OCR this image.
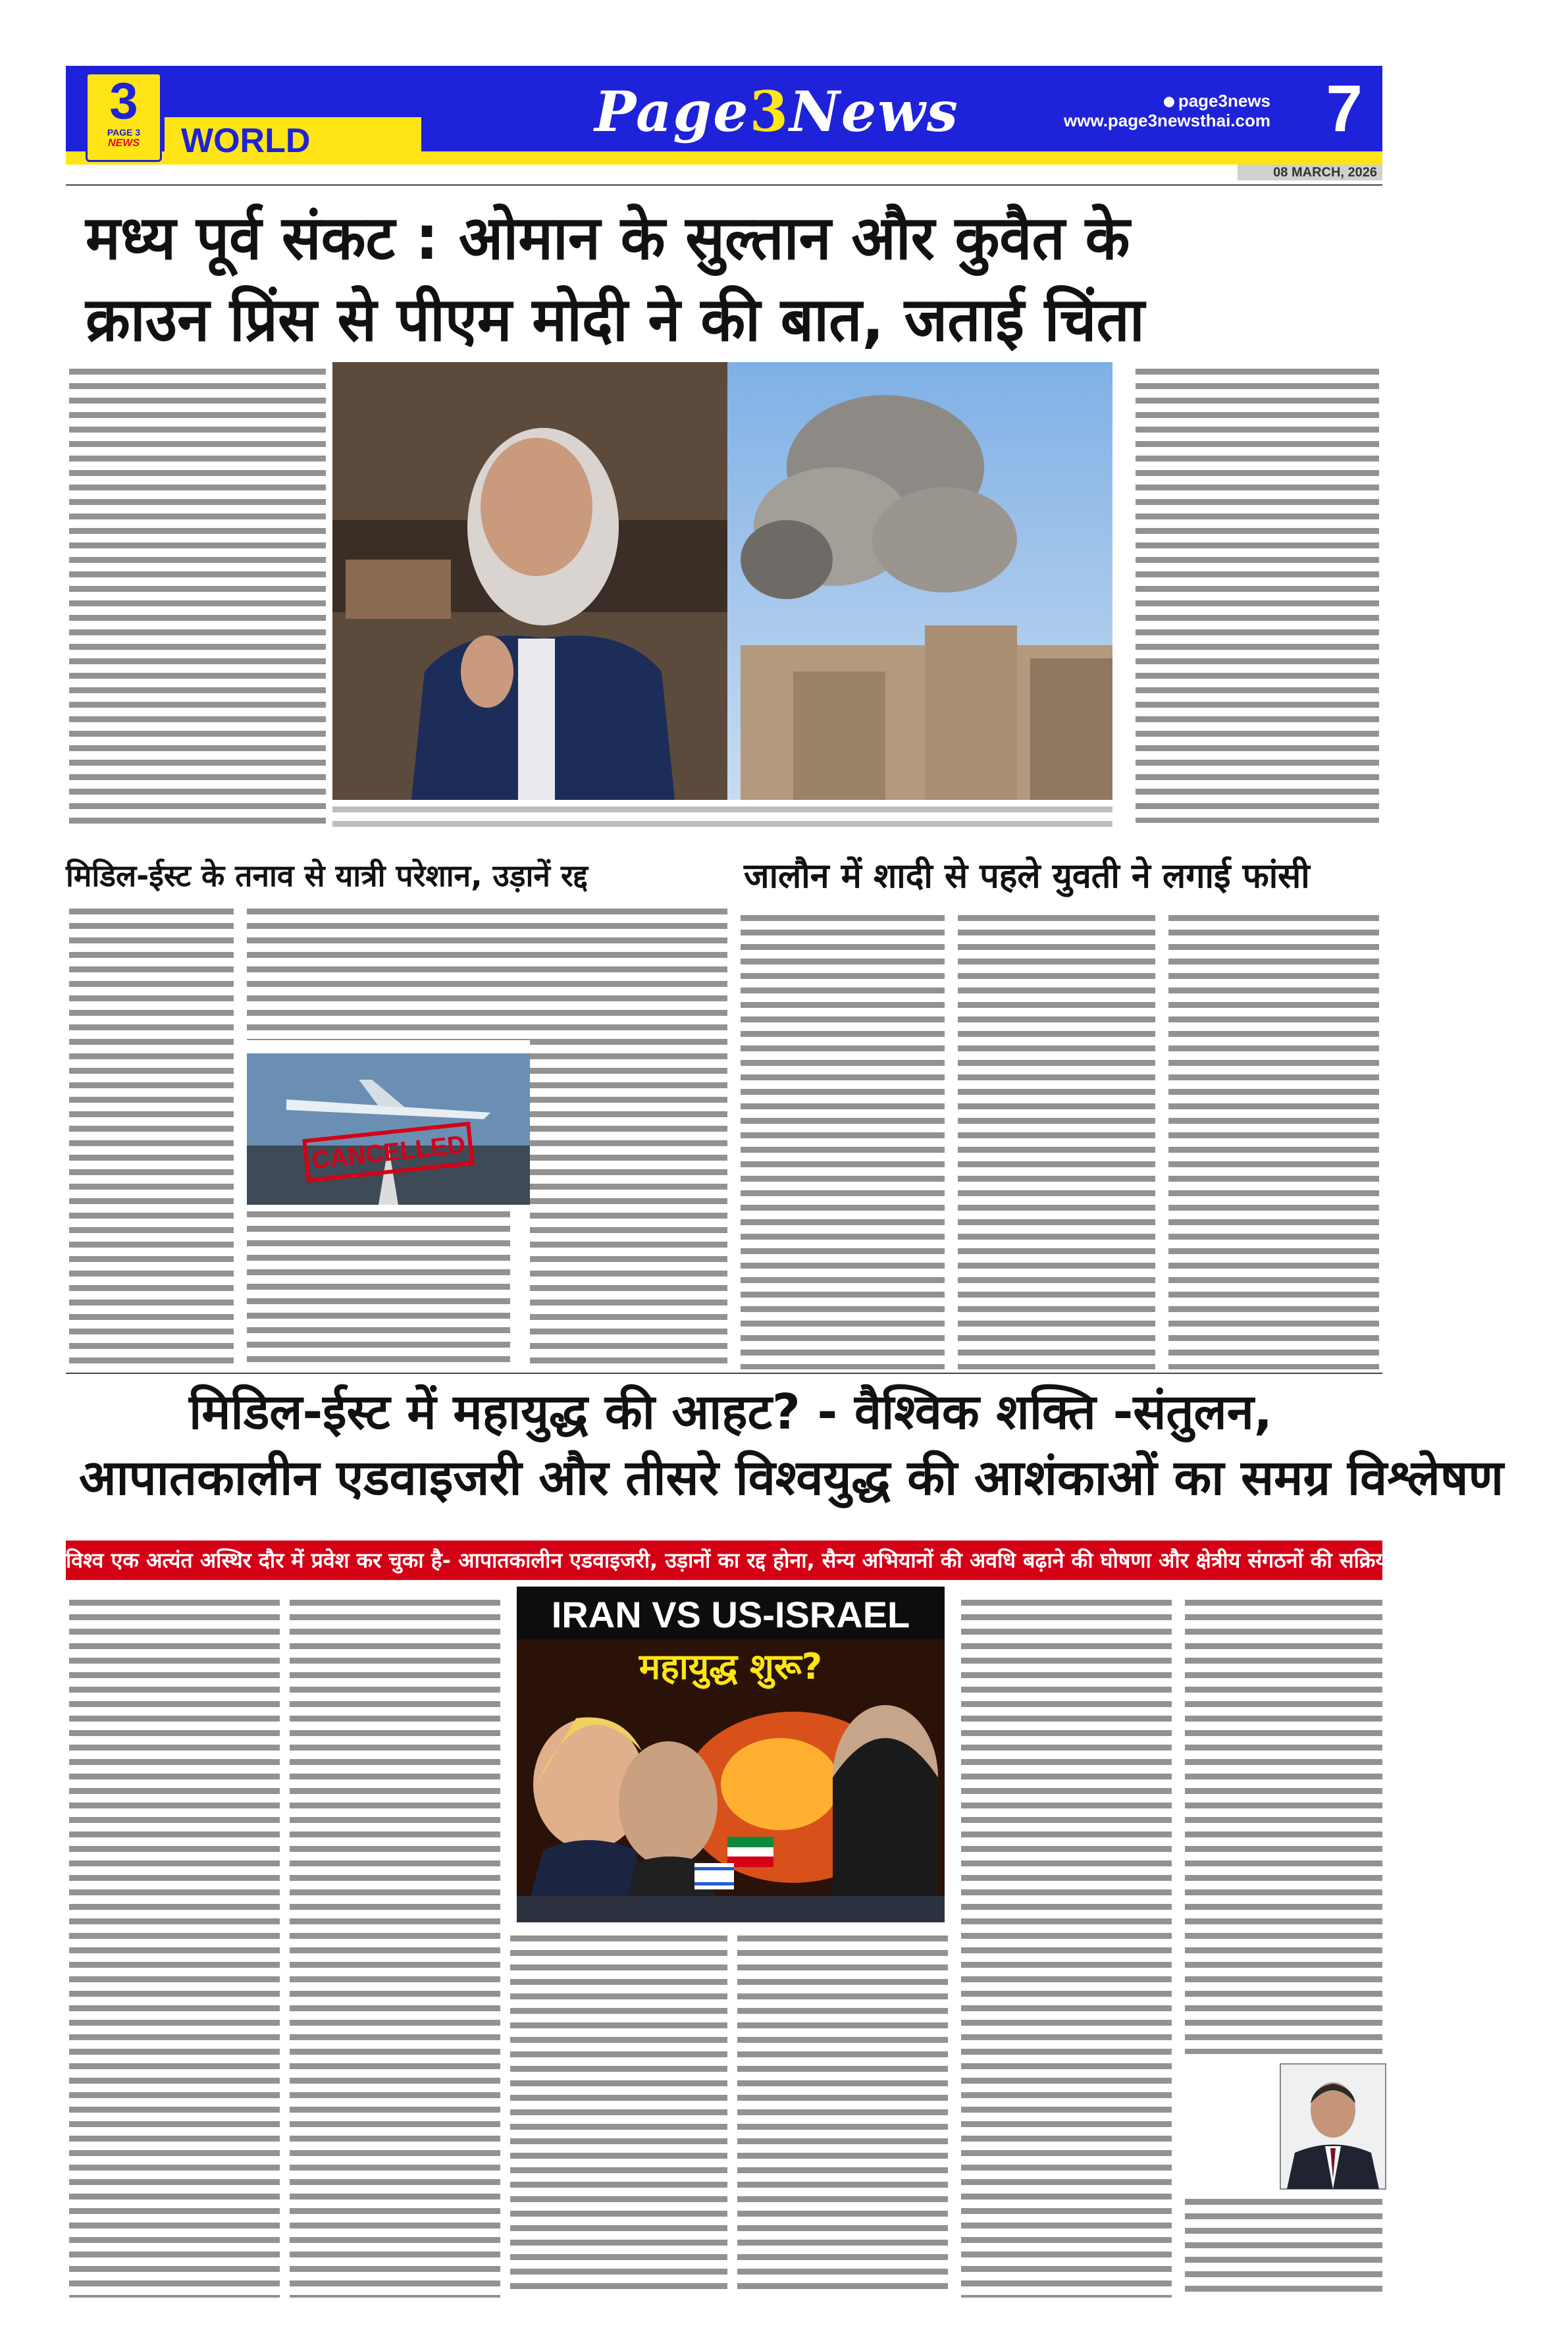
3
PAGE 3
NEWS	WORLD	Page3News	page3news
www.page3newsthai.com 7
08 MARCH, 2026
मध्य पूर्व संकट : ओमान के सुल्तान और कुवैत के
क्राउन प्रिंस से पीएम मोदी ने की बात, जताई चिंता
मिडिल-ईस्ट के तनाव से यात्री परेशान, उड़ानें रद्द	जालौन में शादी से पहले युवती ने लगाई फांसी
CANCELLED
मिडिल-ईस्ट में महायुद्ध की आहट? - वैश्विक शक्ति -संतुलन,
आपातकालीन एडवाइजरी और तीसरे विश्वयुद्ध की आशंकाओं का समग्र विश्लेषण
विश्व एक अत्यंत अस्थिर दौर में प्रवेश कर चुका है- आपातकालीन एडवाइजरी, उड़ानों का रद्द होना, सैन्य अभियानों की अवधि बढ़ाने की घोषणा और क्षेत्रीय संगठनों की सक्रियता ये सभी स्पष्ट संकेत?
IRAN VS US-ISRAEL
महायुद्ध शुरू?
